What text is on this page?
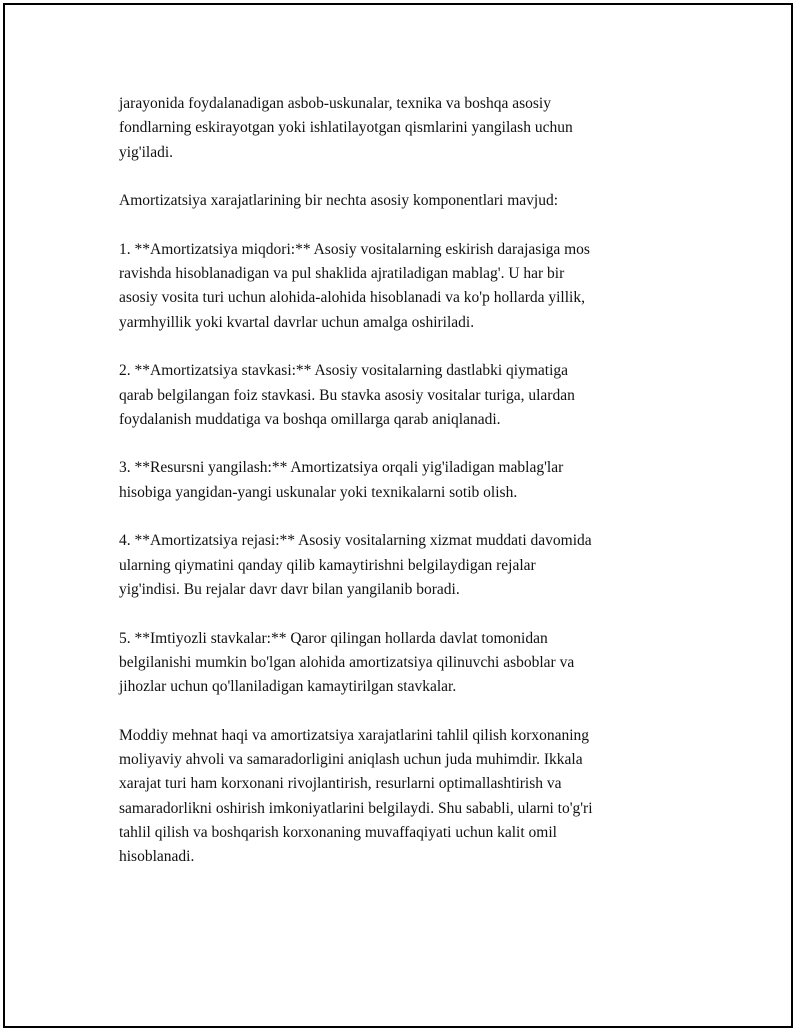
jarayonida foydalanadigan asbob-uskunalar, texnika va boshqa asosiy
fondlarning eskirayotgan yoki ishlatilayotgan qismlarini yangilash uchun
yig'iladi.

Amortizatsiya xarajatlarining bir nechta asosiy komponentlari mavjud:

1. **Amortizatsiya miqdori:** Asosiy vositalarning eskirish darajasiga mos
ravishda hisoblanadigan va pul shaklida ajratiladigan mablag'. U har bir
asosiy vosita turi uchun alohida-alohida hisoblanadi va ko'p hollarda yillik,
yarmhyillik yoki kvartal davrlar uchun amalga oshiriladi.

2. **Amortizatsiya stavkasi:** Asosiy vositalarning dastlabki qiymatiga
qarab belgilangan foiz stavkasi. Bu stavka asosiy vositalar turiga, ulardan
foydalanish muddatiga va boshqa omillarga qarab aniqlanadi.

3. **Resursni yangilash:** Amortizatsiya orqali yig'iladigan mablag'lar
hisobiga yangidan-yangi uskunalar yoki texnikalarni sotib olish.

4. **Amortizatsiya rejasi:** Asosiy vositalarning xizmat muddati davomida
ularning qiymatini qanday qilib kamaytirishni belgilaydigan rejalar
yig'indisi. Bu rejalar davr davr bilan yangilanib boradi.

5. **Imtiyozli stavkalar:** Qaror qilingan hollarda davlat tomonidan
belgilanishi mumkin bo'lgan alohida amortizatsiya qilinuvchi asboblar va
jihozlar uchun qo'llaniladigan kamaytirilgan stavkalar.

Moddiy mehnat haqi va amortizatsiya xarajatlarini tahlil qilish korxonaning
moliyaviy ahvoli va samaradorligini aniqlash uchun juda muhimdir. Ikkala
xarajat turi ham korxonani rivojlantirish, resurlarni optimallashtirish va
samaradorlikni oshirish imkoniyatlarini belgilaydi. Shu sababli, ularni to'g'ri
tahlil qilish va boshqarish korxonaning muvaffaqiyati uchun kalit omil
hisoblanadi.
